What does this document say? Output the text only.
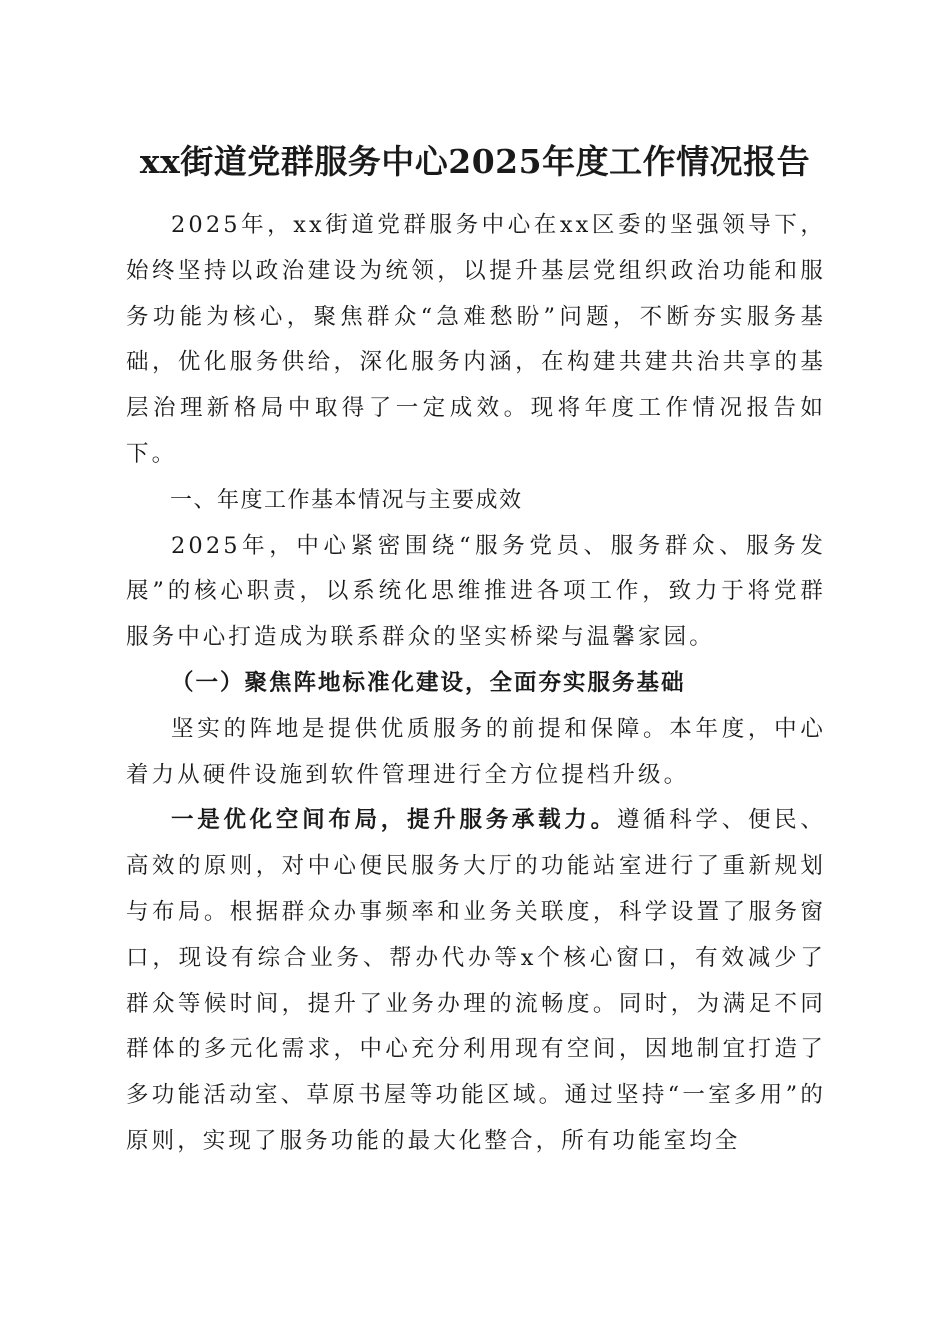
xx街道党群服务中心2025年度工作情况报告

2025年，xx街道党群服务中心在xx区委的坚强领导下，始终坚持以政治建设为统领，以提升基层党组织政治功能和服务功能为核心，聚焦群众“急难愁盼”问题，不断夯实服务基础，优化服务供给，深化服务内涵，在构建共建共治共享的基层治理新格局中取得了一定成效。现将年度工作情况报告如下。

一、年度工作基本情况与主要成效

2025年，中心紧密围绕“服务党员、服务群众、服务发展”的核心职责，以系统化思维推进各项工作，致力于将党群服务中心打造成为联系群众的坚实桥梁与温馨家园。

（一）聚焦阵地标准化建设，全面夯实服务基础

坚实的阵地是提供优质服务的前提和保障。本年度，中心着力从硬件设施到软件管理进行全方位提档升级。

一是优化空间布局，提升服务承载力。遵循科学、便民、高效的原则，对中心便民服务大厅的功能站室进行了重新规划与布局。根据群众办事频率和业务关联度，科学设置了服务窗口，现设有综合业务、帮办代办等x个核心窗口，有效减少了群众等候时间，提升了业务办理的流畅度。同时，为满足不同群体的多元化需求，中心充分利用现有空间，因地制宜打造了多功能活动室、草原书屋等功能区域。通过坚持“一室多用”的原则，实现了服务功能的最大化整合，所有功能室均全
